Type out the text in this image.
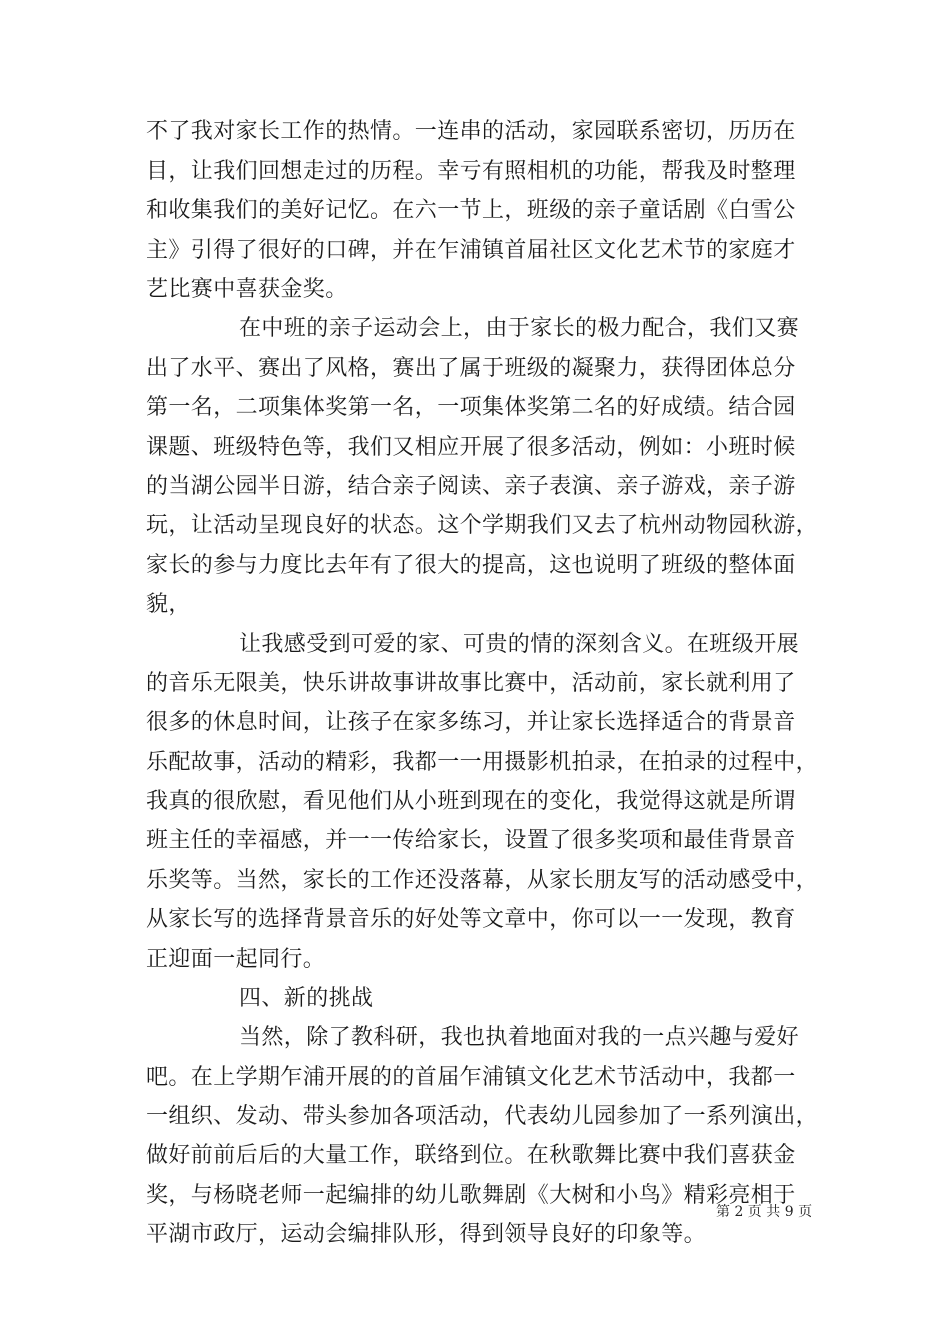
不了我对家长工作的热情。一连串的活动，家园联系密切，历历在
目，让我们回想走过的历程。幸亏有照相机的功能，帮我及时整理
和收集我们的美好记忆。在六一节上，班级的亲子童话剧《白雪公
主》引得了很好的口碑，并在乍浦镇首届社区文化艺术节的家庭才
艺比赛中喜获金奖。
在中班的亲子运动会上，由于家长的极力配合，我们又赛
出了水平、赛出了风格，赛出了属于班级的凝聚力，获得团体总分
第一名，二项集体奖第一名，一项集体奖第二名的好成绩。结合园
课题、班级特色等，我们又相应开展了很多活动，例如：小班时候
的当湖公园半日游，结合亲子阅读、亲子表演、亲子游戏，亲子游
玩，让活动呈现良好的状态。这个学期我们又去了杭州动物园秋游，
家长的参与力度比去年有了很大的提高，这也说明了班级的整体面
貌，
让我感受到可爱的家、可贵的情的深刻含义。在班级开展
的音乐无限美，快乐讲故事讲故事比赛中，活动前，家长就利用了
很多的休息时间，让孩子在家多练习，并让家长选择适合的背景音
乐配故事，活动的精彩，我都一一用摄影机拍录，在拍录的过程中，
我真的很欣慰，看见他们从小班到现在的变化，我觉得这就是所谓
班主任的幸福感，并一一传给家长，设置了很多奖项和最佳背景音
乐奖等。当然，家长的工作还没落幕，从家长朋友写的活动感受中，
从家长写的选择背景音乐的好处等文章中，你可以一一发现，教育
正迎面一起同行。
四、新的挑战
当然，除了教科研，我也执着地面对我的一点兴趣与爱好
吧。在上学期乍浦开展的的首届乍浦镇文化艺术节活动中，我都一
一组织、发动、带头参加各项活动，代表幼儿园参加了一系列演出，
做好前前后后的大量工作，联络到位。在秋歌舞比赛中我们喜获金
奖，与杨晓老师一起编排的幼儿歌舞剧《大树和小鸟》精彩亮相于
平湖市政厅，运动会编排队形，得到领导良好的印象等。
第 2 页 共 9 页
